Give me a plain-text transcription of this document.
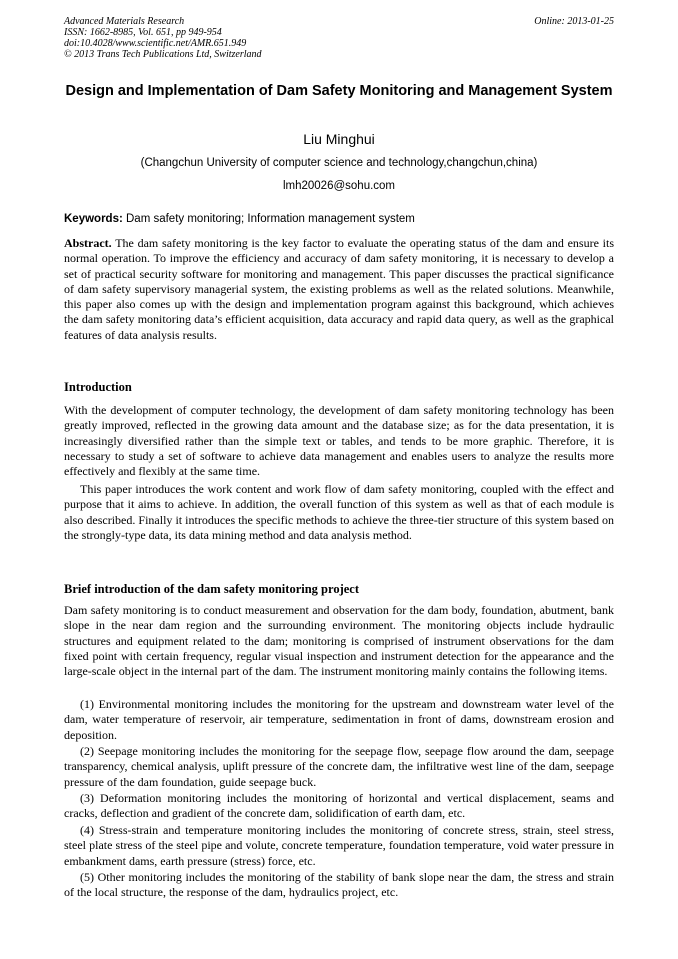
Advanced Materials Research
ISSN: 1662-8985, Vol. 651, pp 949-954
doi:10.4028/www.scientific.net/AMR.651.949
© 2013 Trans Tech Publications Ltd, Switzerland
Online: 2013-01-25
Design and Implementation of Dam Safety Monitoring and Management System
Liu Minghui
(Changchun University of computer science and technology,changchun,china)
lmh20026@sohu.com
Keywords: Dam safety monitoring; Information management system

Abstract. The dam safety monitoring is the key factor to evaluate the operating status of the dam and ensure its normal operation. To improve the efficiency and accuracy of dam safety monitoring, it is necessary to develop a set of practical security software for monitoring and management. This paper discusses the practical significance of dam safety supervisory managerial system, the existing problems as well as the related solutions. Meanwhile, this paper also comes up with the design and implementation program against this background, which achieves the dam safety monitoring data’s efficient acquisition, data accuracy and rapid data query, as well as the graphical features of data analysis results.

Introduction

With the development of computer technology, the development of dam safety monitoring technology has been greatly improved, reflected in the growing data amount and the database size; as for the data presentation, it is increasingly diversified rather than the simple text or tables, and tends to be more graphic. Therefore, it is necessary to study a set of software to achieve data management and enables users to analyze the results more effectively and flexibly at the same time.

This paper introduces the work content and work flow of dam safety monitoring, coupled with the effect and purpose that it aims to achieve. In addition, the overall function of this system as well as that of each module is also described. Finally it introduces the specific methods to achieve the three-tier structure of this system based on the strongly-type data, its data mining method and data analysis method.

Brief introduction of the dam safety monitoring project

Dam safety monitoring is to conduct measurement and observation for the dam body, foundation, abutment, bank slope in the near dam region and the surrounding environment. The monitoring objects include hydraulic structures and equipment related to the dam; monitoring is comprised of instrument observations for the dam fixed point with certain frequency, regular visual inspection and instrument detection for the appearance and the large-scale object in the internal part of the dam. The instrument monitoring mainly contains the following items.

(1) Environmental monitoring includes the monitoring for the upstream and downstream water level of the dam, water temperature of reservoir, air temperature, sedimentation in front of dams, downstream erosion and deposition.

(2) Seepage monitoring includes the monitoring for the seepage flow, seepage flow around the dam, seepage transparency, chemical analysis, uplift pressure of the concrete dam, the infiltrative west line of the dam, seepage pressure of the dam foundation, guide seepage buck.

(3) Deformation monitoring includes the monitoring of horizontal and vertical displacement, seams and cracks, deflection and gradient of the concrete dam, solidification of earth dam, etc.

(4) Stress-strain and temperature monitoring includes the monitoring of concrete stress, strain, steel stress, steel plate stress of the steel pipe and volute, concrete temperature, foundation temperature, void water pressure in embankment dams, earth pressure (stress) force, etc.

(5) Other monitoring includes the monitoring of the stability of bank slope near the dam, the stress and strain of the local structure, the response of the dam, hydraulics project, etc.
